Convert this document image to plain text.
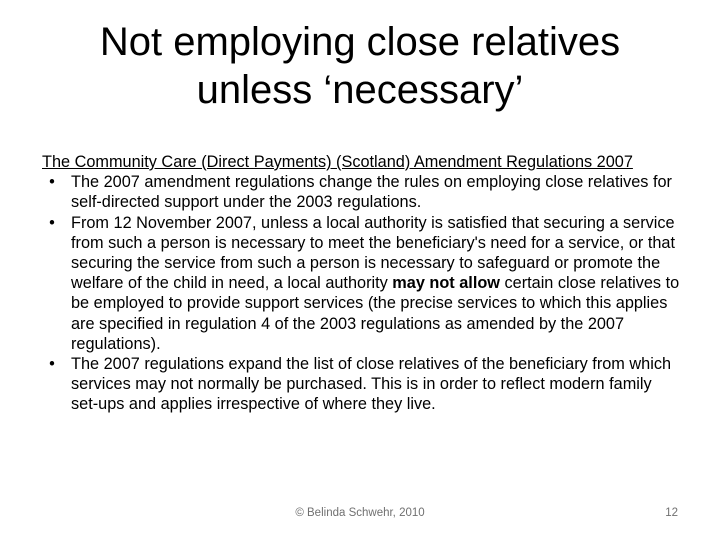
Not employing close relatives
unless ‘necessary’

The Community Care (Direct Payments) (Scotland) Amendment Regulations 2007

• The 2007 amendment regulations change the rules on employing close relatives for self-directed support under the 2003 regulations.
• From 12 November 2007, unless a local authority is satisfied that securing a service from such a person is necessary to meet the beneficiary's need for a service, or that securing the service from such a person is necessary to safeguard or promote the welfare of the child in need, a local authority may not allow certain close relatives to be employed to provide support services (the precise services to which this applies are specified in regulation 4 of the 2003 regulations as amended by the 2007 regulations).
• The 2007 regulations expand the list of close relatives of the beneficiary from which services may not normally be purchased. This is in order to reflect modern family set-ups and applies irrespective of where they live.
© Belinda Schwehr, 2010	12
